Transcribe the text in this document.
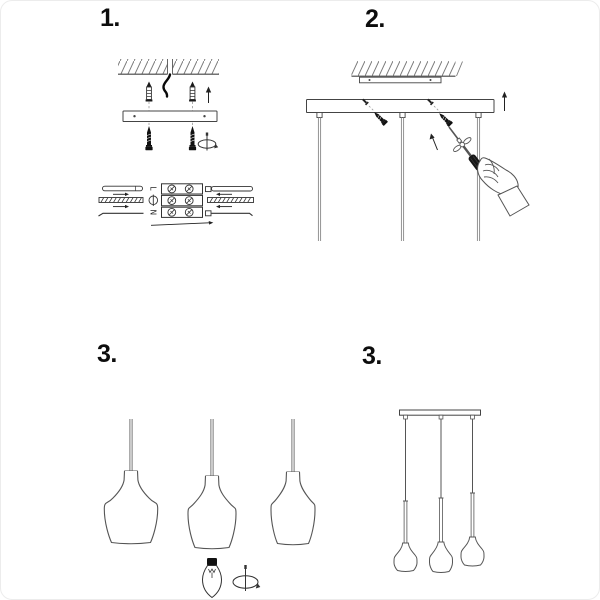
1.	2.
3.	3.
L
N
